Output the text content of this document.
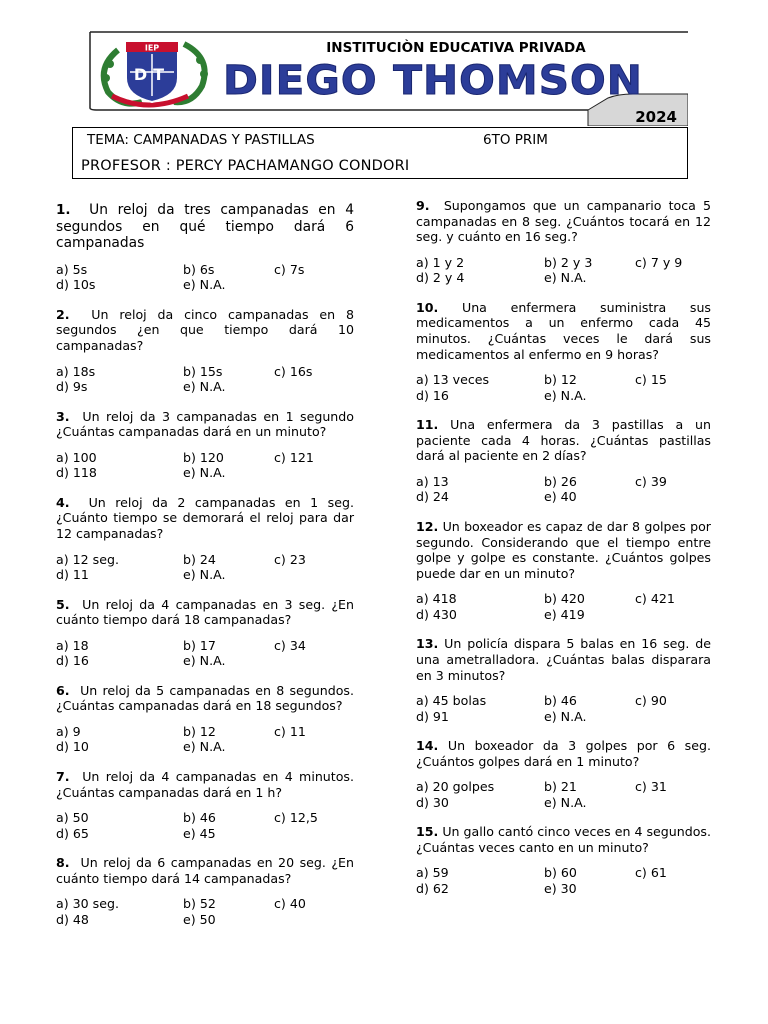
2024
IEP
DT
INSTITUCIÒN EDUCATIVA PRIVADA
DIEGO THOMSON
TEMA: CAMPANADAS Y PASTILLAS	6TO PRIM
PROFESOR : PERCY PACHAMANGO CONDORI

1. Un reloj da tres campanadas en 4 segundos en qué tiempo dará 6 campanadas

a) 5s	b) 6s	c) 7s
d) 10s	e) N.A.

2. Un reloj da cinco campanadas en 8 segundos ¿en que tiempo dará 10 campanadas?

a) 18s	b) 15s	c) 16s
d) 9s	e) N.A.

3. Un reloj da 3 campanadas en 1 segundo ¿Cuántas campanadas dará en un minuto?

a) 100	b) 120	c) 121
d) 118	e) N.A.

4. Un reloj da 2 campanadas en 1 seg. ¿Cuánto tiempo se demorará el reloj para dar 12 campanadas?

a) 12 seg.	b) 24	c) 23
d) 11	e) N.A.

5. Un reloj da 4 campanadas en 3 seg. ¿En cuánto tiempo dará 18 campanadas?

a) 18	b) 17	c) 34
d) 16	e) N.A.

6. Un reloj da 5 campanadas en 8 segundos. ¿Cuántas campanadas dará en 18 segundos?

a) 9	b) 12	c) 11
d) 10	e) N.A.

7. Un reloj da 4 campanadas en 4 minutos. ¿Cuántas campanadas dará en 1 h?

a) 50	b) 46	c) 12,5
d) 65	e) 45

8. Un reloj da 6 campanadas en 20 seg. ¿En cuánto tiempo dará 14 campanadas?

a) 30 seg.	b) 52	c) 40
d) 48	e) 50

9. Supongamos que un campanario toca 5 campanadas en 8 seg. ¿Cuántos tocará en 12 seg. y cuánto en 16 seg.?

a) 1 y 2	b) 2 y 3	c) 7 y 9
d) 2 y 4	e) N.A.

10. Una enfermera suministra sus medicamentos a un enfermo cada 45 minutos. ¿Cuántas veces le dará sus medicamentos al enfermo en 9 horas?

a) 13 veces	b) 12	c) 15
d) 16	e) N.A.

11. Una enfermera da 3 pastillas a un paciente cada 4 horas. ¿Cuántas pastillas dará al paciente en 2 días?

a) 13	b) 26	c) 39
d) 24	e) 40

12. Un boxeador es capaz de dar 8 golpes por segundo. Considerando que el tiempo entre golpe y golpe es constante. ¿Cuántos golpes puede dar en un minuto?

a) 418	b) 420	c) 421
d) 430	e) 419

13. Un policía dispara 5 balas en 16 seg. de una ametralladora. ¿Cuántas balas disparara en 3 minutos?

a) 45 bolas	b) 46	c) 90
d) 91	e) N.A.

14. Un boxeador da 3 golpes por 6 seg. ¿Cuántos golpes dará en 1 minuto?

a) 20 golpes	b) 21	c) 31
d) 30	e) N.A.

15. Un gallo cantó cinco veces en 4 segundos. ¿Cuántas veces canto en un minuto?

a) 59	b) 60	c) 61
d) 62	e) 30
